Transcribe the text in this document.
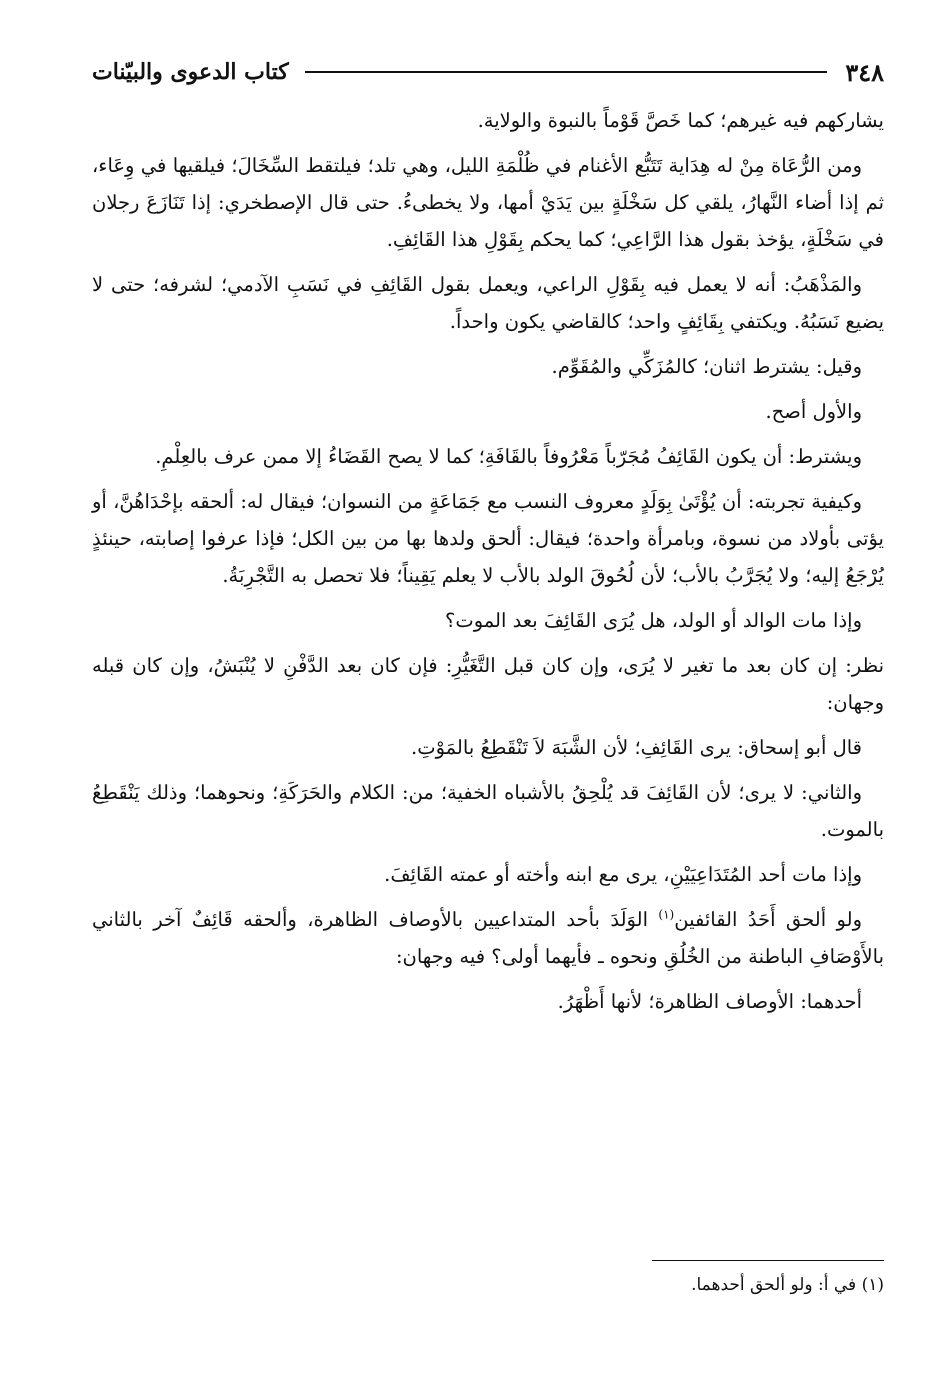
٣٤٨
كتاب الدعوى والبيّنات

يشاركهم فيه غيرهم؛ كما خَصَّ قَوْماً بالنبوة والولاية.

ومن الرُّعَاة مِنْ له هِدَاية تَتَبُّع الأغنام في ظُلْمَةِ الليل، وهي تلد؛ فيلتقط السِّخَالَ؛ فيلقيها في وِعَاء، ثم إذا أضاء النَّهارُ، يلقي كل سَخْلَةٍ بين يَدَيْ أمها، ولا يخطىءُ. حتى قال الإصطخري: إذا تَنَازَعَ رجلان في سَخْلَةٍ، يؤخذ بقول هذا الرَّاعِي؛ كما يحكم بِقَوْلِ هذا القَائِفِ.

والمَذْهَبُ: أنه لا يعمل فيه بِقَوْلِ الراعي، ويعمل بقول القَائِفِ في نَسَبِ الآدمي؛ لشرفه؛ حتى لا يضيع نَسَبُهُ. ويكتفي بِقَائِفٍ واحد؛ كالقاضي يكون واحداً.

وقيل: يشترط اثنان؛ كالمُزَكِّي والمُقَوِّم.

والأول أصح.

ويشترط: أن يكون القَائِفُ مُجَرّباً مَعْرُوفاً بالقَافَةِ؛ كما لا يصح القَضَاءُ إلا ممن عرف بالعِلْمِ.

وكيفية تجربته: أن يُؤْتَىٰ بِوَلَدٍ معروف النسب مع جَمَاعَةٍ من النسوان؛ فيقال له: ألحقه بإحْدَاهُنَّ، أو يؤتى بأولاد من نسوة، وبامرأة واحدة؛ فيقال: ألحق ولدها بها من بين الكل؛ فإذا عرفوا إصابته، حينئذٍ يُرْجَعُ إليه؛ ولا يُجَرَّبُ بالأب؛ لأن لُحُوقَ الولد بالأب لا يعلم يَقِيناً؛ فلا تحصل به التَّجْرِبَةُ.

وإذا مات الوالد أو الولد، هل يُرَى القَائِفَ بعد الموت؟

نظر: إن كان بعد ما تغير لا يُرَى، وإن كان قبل التَّغَيُّرِ: فإن كان بعد الدَّفْنِ لا يُنْبَشُ، وإن كان قبله وجهان:

قال أبو إسحاق: يرى القَائِفِ؛ لأن الشَّبَهَ لاَ تَنْقَطِعُ بالمَوْتِ.

والثاني: لا يرى؛ لأن القَائِفَ قد يُلْحِقُ بالأشباه الخفية؛ من: الكلام والحَرَكَةِ؛ ونحوهما؛ وذلك يَنْقَطِعُ بالموت.

وإذا مات أحد المُتَدَاعِيَيْنِ، يرى مع ابنه وأخته أو عمته القَائِفَ.

ولو ألحق أَحَدُ القائفين$^{(١)}$ الوَلَدَ بأحد المتداعيين بالأوصاف الظاهرة، وألحقه قَائِفٌ آخر بالثاني بالأَوْصَافِ الباطنة من الخُلُقِ ونحوه ـ فأيهما أولى؟ فيه وجهان:

أحدهما: الأوصاف الظاهرة؛ لأنها أَظْهَرُ.

(١) في أ: ولو ألحق أحدهما.
